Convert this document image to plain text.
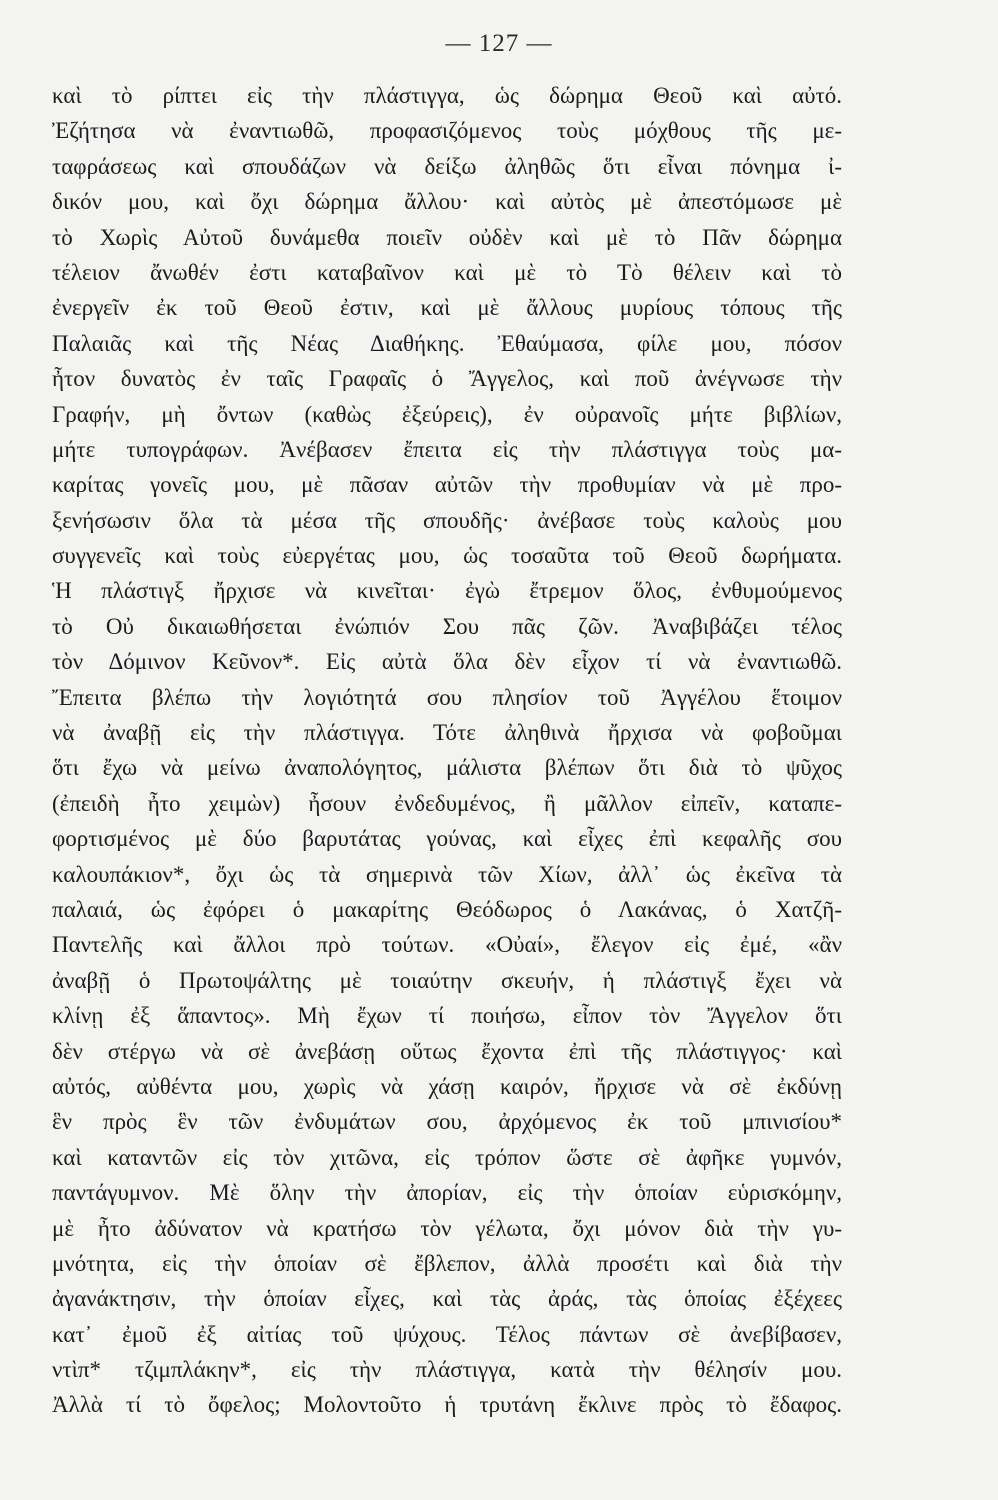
— 127 —
καὶ τὸ ρίπτει εἰς τὴν πλάστιγγα, ὡς δώρημα Θεοῦ καὶ αὐτό.
Ἐζήτησα νὰ ἐναντιωθῶ, προφασιζόμενος τοὺς μόχθους τῆς με-
ταφράσεως καὶ σπουδάζων νὰ δείξω ἀληθῶς ὅτι εἶναι πόνημα ἰ-
δικόν μου, καὶ ὄχι δώρημα ἄλλου· καὶ αὐτὸς μὲ ἀπεστόμωσε μὲ
τὸ Χωρὶς Αὐτοῦ δυνάμεθα ποιεῖν οὐδὲν καὶ μὲ τὸ Πᾶν δώρημα
τέλειον ἄνωθέν ἐστι καταβαῖνον καὶ μὲ τὸ Τὸ θέλειν καὶ τὸ
ἐνεργεῖν ἐκ τοῦ Θεοῦ ἐστιν, καὶ μὲ ἄλλους μυρίους τόπους τῆς
Παλαιᾶς καὶ τῆς Νέας Διαθήκης. Ἐθαύμασα, φίλε μου, πόσον
ἦτον δυνατὸς ἐν ταῖς Γραφαῖς ὁ Ἄγγελος, καὶ ποῦ ἀνέγνωσε τὴν
Γραφήν, μὴ ὄντων (καθὼς ἐξεύρεις), ἐν οὐρανοῖς μήτε βιβλίων,
μήτε τυπογράφων. Ἀνέβασεν ἔπειτα εἰς τὴν πλάστιγγα τοὺς μα-
καρίτας γονεῖς μου, μὲ πᾶσαν αὐτῶν τὴν προθυμίαν νὰ μὲ προ-
ξενήσωσιν ὅλα τὰ μέσα τῆς σπουδῆς· ἀνέβασε τοὺς καλοὺς μου
συγγενεῖς καὶ τοὺς εὐεργέτας μου, ὡς τοσαῦτα τοῦ Θεοῦ δωρήματα.
Ἡ πλάστιγξ ἤρχισε νὰ κινεῖται· ἐγὼ ἔτρεμον ὅλος, ἐνθυμούμενος
τὸ Οὐ δικαιωθήσεται ἐνώπιόν Σου πᾶς ζῶν. Ἀναβιβάζει τέλος
τὸν Δόμινον Κεῦνον*. Εἰς αὐτὰ ὅλα δὲν εἶχον τί νὰ ἐναντιωθῶ.
Ἔπειτα βλέπω τὴν λογιότητά σου πλησίον τοῦ Ἀγγέλου ἕτοιμον
νὰ ἀναβῇ εἰς τὴν πλάστιγγα. Τότε ἀληθινὰ ἤρχισα νὰ φοβοῦμαι
ὅτι ἔχω νὰ μείνω ἀναπολόγητος, μάλιστα βλέπων ὅτι διὰ τὸ ψῦχος
(ἐπειδὴ ἦτο χειμὼν) ἦσουν ἐνδεδυμένος, ἢ μᾶλλον εἰπεῖν, καταπε-
φορτισμένος μὲ δύο βαρυτάτας γούνας, καὶ εἶχες ἐπὶ κεφαλῆς σου
καλουπάκιον*, ὄχι ὡς τὰ σημερινὰ τῶν Χίων, ἀλλ᾽ ὡς ἐκεῖνα τὰ
παλαιά, ὡς ἐφόρει ὁ μακαρίτης Θεόδωρος ὁ Λακάνας, ὁ Χατζῆ-
Παντελῆς καὶ ἄλλοι πρὸ τούτων. «Οὐαί», ἔλεγον εἰς ἐμέ, «ἂν
ἀναβῇ ὁ Πρωτοψάλτης μὲ τοιαύτην σκευήν, ἡ πλάστιγξ ἔχει νὰ
κλίνῃ ἐξ ἅπαντος». Μὴ ἔχων τί ποιήσω, εἶπον τὸν Ἄγγελον ὅτι
δὲν στέργω νὰ σὲ ἀνεβάσῃ οὕτως ἔχοντα ἐπὶ τῆς πλάστιγγος· καὶ
αὐτός, αὐθέντα μου, χωρὶς νὰ χάσῃ καιρόν, ἤρχισε νὰ σὲ ἐκδύνῃ
ἓν πρὸς ἓν τῶν ἐνδυμάτων σου, ἀρχόμενος ἐκ τοῦ μπινισίου*
καὶ καταντῶν εἰς τὸν χιτῶνα, εἰς τρόπον ὥστε σὲ ἀφῆκε γυμνόν,
παντάγυμνον. Μὲ ὅλην τὴν ἀπορίαν, εἰς τὴν ὁποίαν εὑρισκόμην,
μὲ ἦτο ἀδύνατον νὰ κρατήσω τὸν γέλωτα, ὄχι μόνον διὰ τὴν γυ-
μνότητα, εἰς τὴν ὁποίαν σὲ ἔβλεπον, ἀλλὰ προσέτι καὶ διὰ τὴν
ἀγανάκτησιν, τὴν ὁποίαν εἶχες, καὶ τὰς ἀράς, τὰς ὁποίας ἐξέχεες
κατ᾽ ἐμοῦ ἐξ αἰτίας τοῦ ψύχους. Τέλος πάντων σὲ ἀνεβίβασεν,
ντὶπ* τζιμπλάκην*, εἰς τὴν πλάστιγγα, κατὰ τὴν θέλησίν μου.
Ἀλλὰ τί τὸ ὄφελος; Μολοντοῦτο ἡ τρυτάνη ἔκλινε πρὸς τὸ ἔδαφος.
